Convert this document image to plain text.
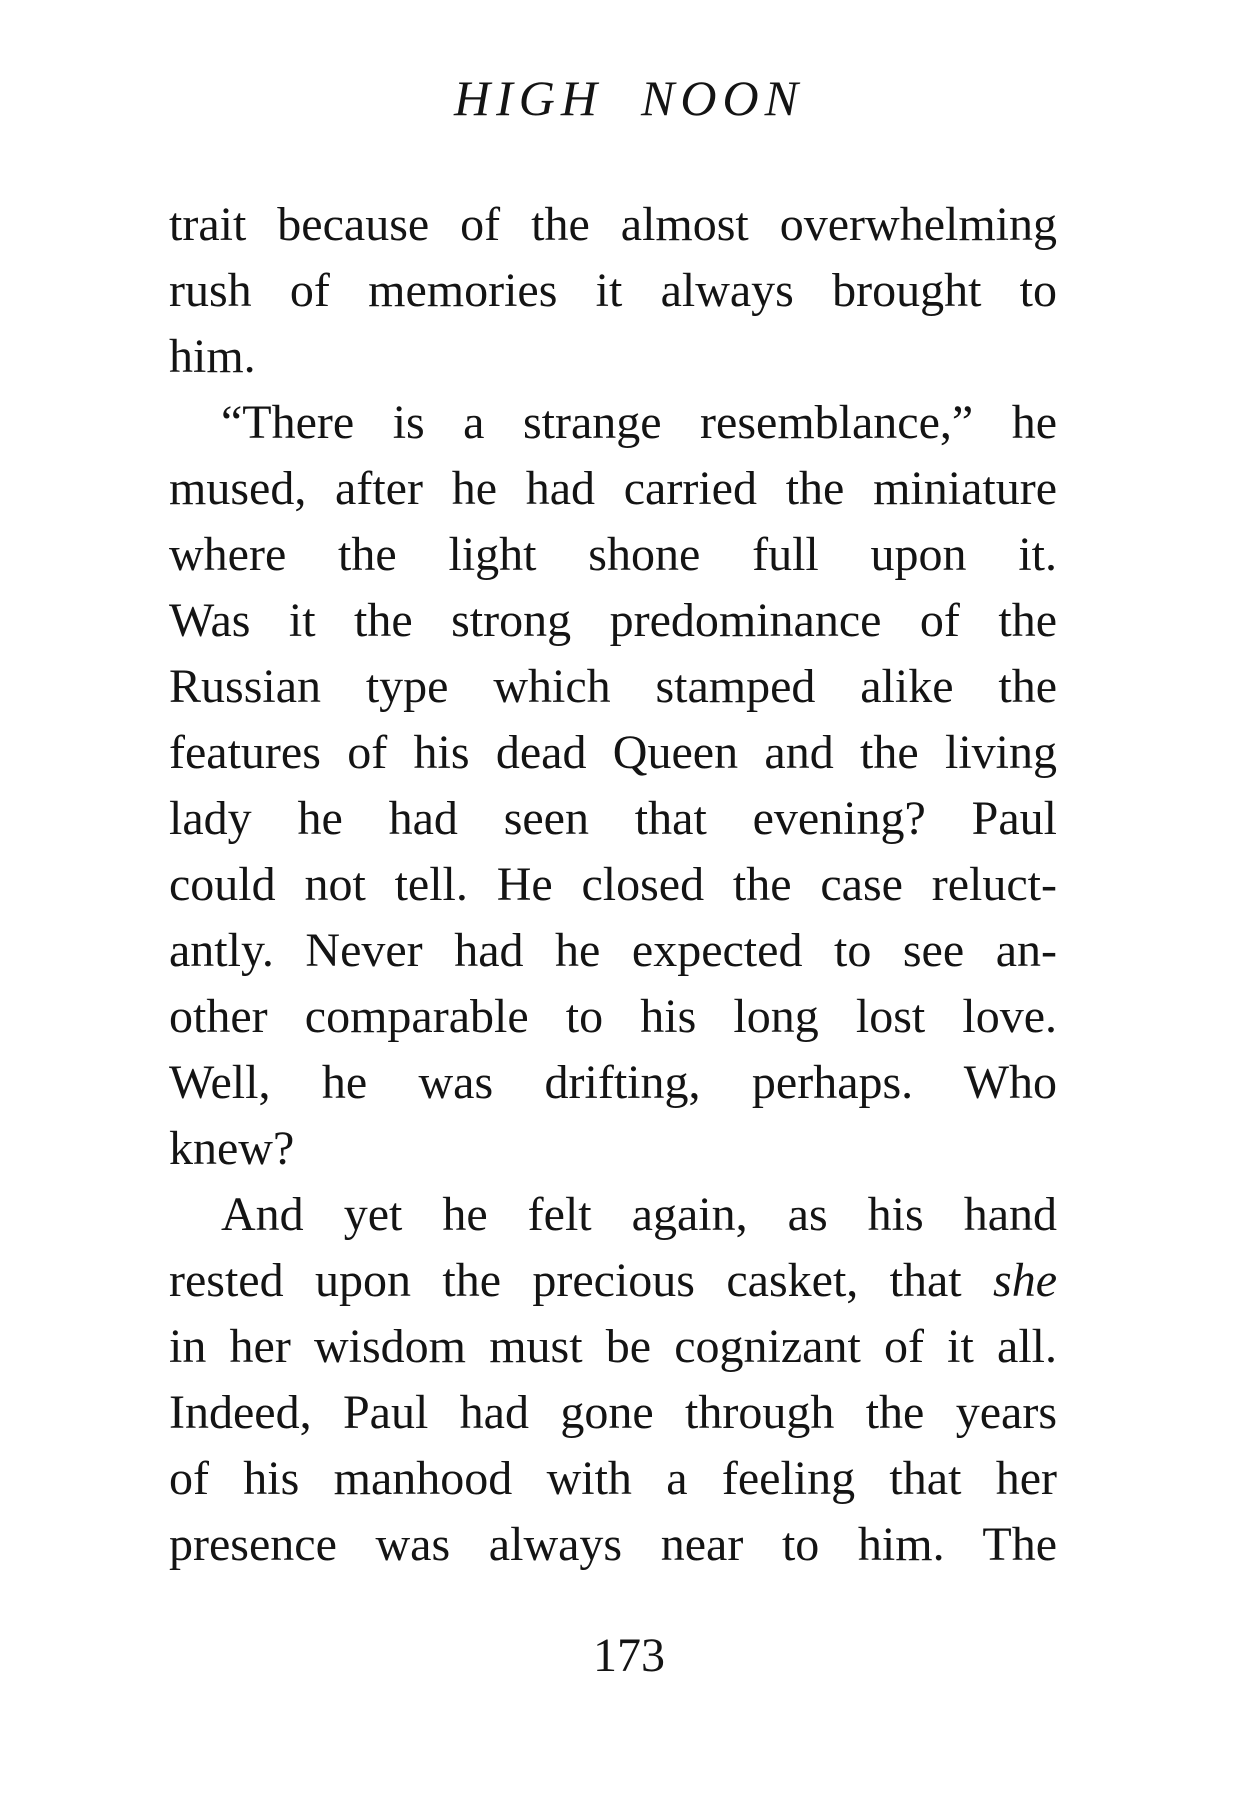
HIGH NOON
trait because of the almost overwhelming
rush of memories it always brought to
him.
“There is a strange resemblance,” he
mused, after he had carried the miniature
where the light shone full upon it.
Was it the strong predominance of the
Russian type which stamped alike the
features of his dead Queen and the living
lady he had seen that evening? Paul
could not tell. He closed the case reluct-
antly. Never had he expected to see an-
other comparable to his long lost love.
Well, he was drifting, perhaps. Who
knew?
And yet he felt again, as his hand
rested upon the precious casket, that she
in her wisdom must be cognizant of it all.
Indeed, Paul had gone through the years
of his manhood with a feeling that her
presence was always near to him. The
173
